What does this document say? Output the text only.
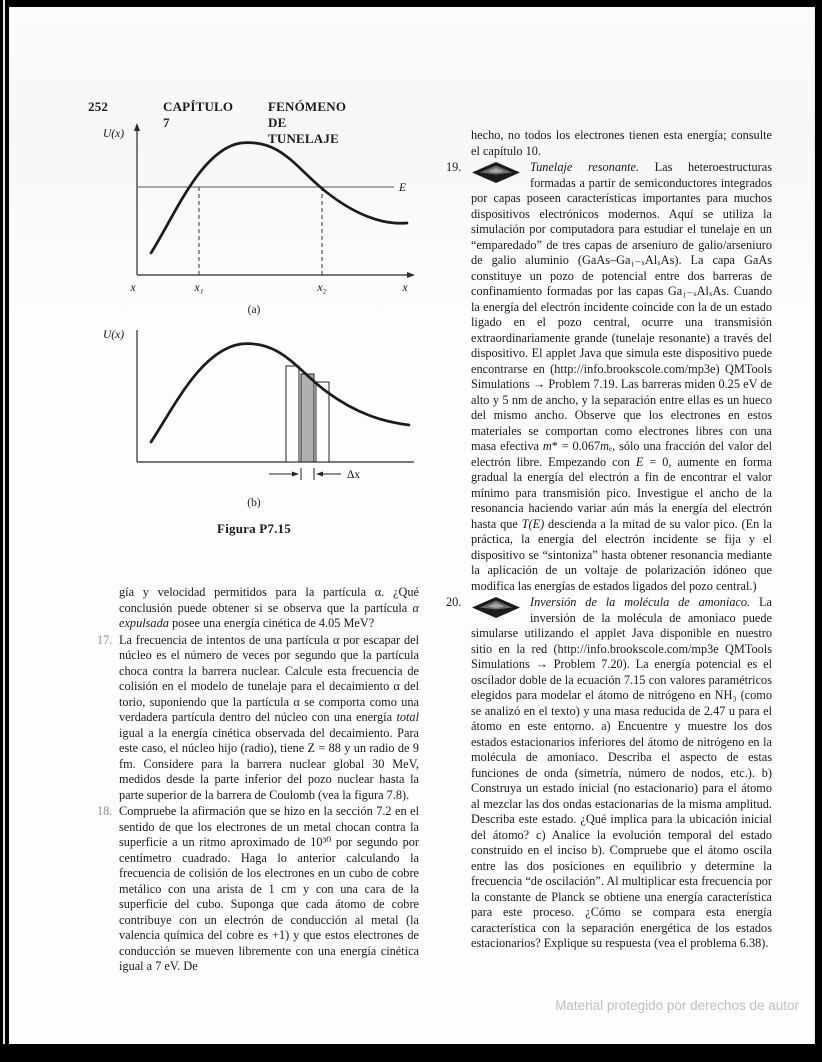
252	CAPÍTULO 7
FENÓMENO DE TUNELAJE
U(x)
E
x	x₁	x₂	x
(a)
U(x)
Δx
(b)
Figura P7.15
gía y velocidad permitidos para la partícula α. ¿Qué conclusión puede obtener si se observa que la partícula α expulsada posee una energía cinética de 4.05 MeV?
17. La frecuencia de intentos de una partícula α por escapar del núcleo es el número de veces por segundo que la partícula choca contra la barrera nuclear. Calcule esta frecuencia de colisión en el modelo de tunelaje para el decaimiento α del torio, suponiendo que la partícula α se comporta como una verdadera partícula dentro del núcleo con una energía total igual a la energía cinética observada del decaimiento. Para este caso, el núcleo hijo (radio), tiene Z = 88 y un radio de 9 fm. Considere para la barrera nuclear global 30 MeV, medidos desde la parte inferior del pozo nuclear hasta la parte superior de la barrera de Coulomb (vea la figura 7.8).
18. Compruebe la afirmación que se hizo en la sección 7.2 en el sentido de que los electrones de un metal chocan contra la superficie a un ritmo aproximado de 10³⁰ por segundo por centímetro cuadrado. Haga lo anterior calculando la frecuencia de colisión de los electrones en un cubo de cobre metálico con una arista de 1 cm y con una cara de la superficie del cubo. Suponga que cada átomo de cobre contribuye con un electrón de conducción al metal (la valencia química del cobre es +1) y que estos electrones de conducción se mueven libremente con una energía cinética igual a 7 eV. De
hecho, no todos los electrones tienen esta energía; consulte el capítulo 10.
19.	Tunelaje resonante. Las heteroestructuras formadas a partir de semiconductores integrados por capas poseen características importantes para muchos dispositivos electrónicos modernos. Aquí se utiliza la simulación por computadora para estudiar el tunelaje en un “emparedado” de tres capas de arseniuro de galio/arseniuro de galio aluminio (GaAs–Ga₁₋ₓAlₓAs). La capa GaAs constituye un pozo de potencial entre dos barreras de confinamiento formadas por las capas Ga₁₋ₓAlₓAs. Cuando la energía del electrón incidente coincide con la de un estado ligado en el pozo central, ocurre una transmisión extraordinariamente grande (tunelaje resonante) a través del dispositivo. El applet Java que simula este dispositivo puede encontrarse en (http://info.brookscole.com/mp3e) QMTools Simulations → Problem 7.19. Las barreras miden 0.25 eV de alto y 5 nm de ancho, y la separación entre ellas es un hueco del mismo ancho. Observe que los electrones en estos materiales se comportan como electrones libres con una masa efectiva m* = 0.067mₑ, sólo una fracción del valor del electrón libre. Empezando con E = 0, aumente en forma gradual la energía del electrón a fin de encontrar el valor mínimo para transmisión pico. Investigue el ancho de la resonancia haciendo variar aún más la energía del electrón hasta que T(E) descienda a la mitad de su valor pico. (En la práctica, la energía del electrón incidente se fija y el dispositivo se “sintoniza” hasta obtener resonancia mediante la aplicación de un voltaje de polarización idóneo que modifica las energías de estados ligados del pozo central.)
20.	Inversión de la molécula de amoniaco. La inversión de la molécula de amoniaco puede simularse utilizando el applet Java disponible en nuestro sitio en la red (http://info.brookscole.com/mp3e QMTools Simulations → Problem 7.20). La energía potencial es el oscilador doble de la ecuación 7.15 con valores paramétricos elegidos para modelar el átomo de nitrógeno en NH₃ (como se analizó en el texto) y una masa reducida de 2.47 u para el átomo en este entorno. a) Encuentre y muestre los dos estados estacionarios inferiores del átomo de nitrógeno en la molécula de amoniaco. Describa el aspecto de estas funciones de onda (simetría, número de nodos, etc.). b) Construya un estado inicial (no estacionario) para el átomo al mezclar las dos ondas estacionarias de la misma amplitud. Describa este estado. ¿Qué implica para la ubicación inicial del átomo? c) Analice la evolución temporal del estado construido en el inciso b). Compruebe que el átomo oscila entre las dos posiciones en equilibrio y determine la frecuencia “de oscilación”. Al multiplicar esta frecuencia por la constante de Planck se obtiene una energía característica para este proceso. ¿Cómo se compara esta energía característica con la separación energética de los estados estacionarios? Explique su respuesta (vea el problema 6.38).
Material protegido por derechos de autor
